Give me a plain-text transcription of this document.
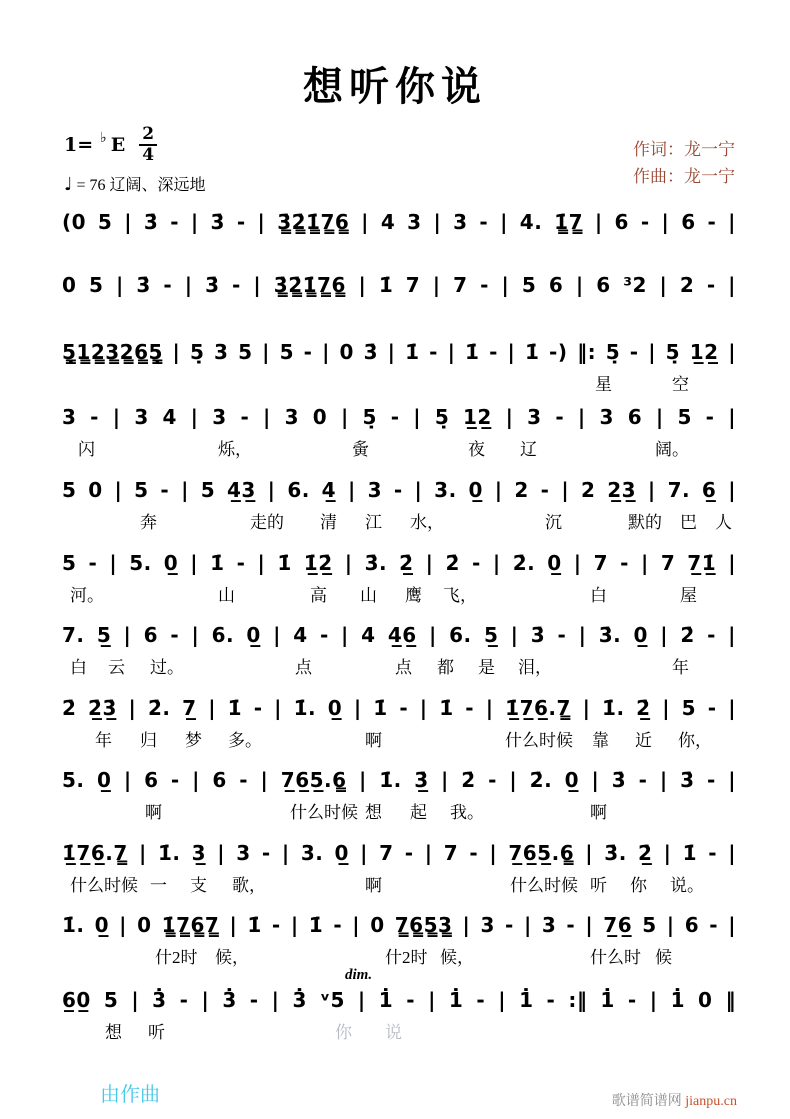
想听你说
1= ♭ E $\frac{2}{4}$
♩ = 76 辽阔、深远地
作词：龙一宁
作曲：龙一宁
(0 5 | 3̇ - | 3̇ - | 3̳̇2̳̇1̳̇7̳6̳ | 4 3 | 3 - | 4. 1̳̇7̳ | 6 - | 6 - |
0 5 | 3̇ - | 3̇ - | 3̳̇2̳̇1̳̇7̳6̳ | 1̇ 7 | 7 - | 5 6 | 6 ³2 | 2 - |
5̣̳1̳2̳3̳2̳6̳5̣̳ | 5̣ 3 5 | 5 - | 0 3̇ | 1̇ - | 1̇ - | 1̇ -) ‖: 5̣ - | 5̣ 1̲2̲ |
星	空
3 - | 3 4 | 3 - | 3 0 | 5̣ - | 5̣ 1̲2̲ | 3 - | 3 6 | 5 - |
闪	烁，	夤	夜 辽	阔。
5 0 | 5 - | 5 4̲3̲ | 6. 4̲ | 3 - | 3. 0̲ | 2 - | 2 2̲3̲ | 7. 6̲ |
奔	走的 清 江 水，	沉	默的 巴 人
5 - | 5. 0̲ | 1̇ - | 1̇ 1̲̇2̲̇ | 3̇. 2̲̇ | 2̇ - | 2̇. 0̲ | 7 - | 7 7̲1̲̇ |
河。	山	高 山 鹰 飞，	白	屋
7. 5̲ | 6 - | 6. 0̲ | 4 - | 4 4̲6̲ | 6. 5̲ | 3̇ - | 3̇. 0̲ | 2̇ - |
白 云 过。	点	点 都 是 泪，	年
2̇ 2̲̇3̲̇ | 2̇. 7̲ | 1̇ - | 1̇. 0̲ | 1̇ - | 1̇ - | 1̲̇7̲6̲.7̳ | 1̇. 2̲̇ | 5 - |
年 归 梦 多。	啊	什么时候 靠 近 你，
5. 0̲ | 6 - | 6 - | 7̲6̲5̲.6̳ | 1̇. 3̲̇ | 2̇ - | 2̇. 0̲ | 3̇ - | 3̇ - |
啊	什么时候 想 起 我。	啊
1̲̇7̲6̲.7̳ | 1̇. 3̲ | 3 - | 3. 0̲ | 7 - | 7 - | 7̲6̲5̲.6̳ | 3̇. 2̲̇ | 1̇ - |
什么时候 一 支 歌，	啊	什么时候 听 你 说。
1̇. 0̲ | 0 1̳̇7̳6̳7̳ | 1̇ - | 1̇ - | 0 7̳6̳5̳3̳ | 3 - | 3 - | 7̲6̲ 5 | 6 - |
什2时 候，	什2时 候，	什么时 候
6̲0̲ 5 | 3̇ - | 3̇ - | 3̇ ᵛ5 | 1̇ - | 1̇ - | 1̇ - :‖ 1̇ - | 1̇ 0 ‖
想 听	你 说
dim.
由作曲	歌谱简谱网 jianpu.cn
